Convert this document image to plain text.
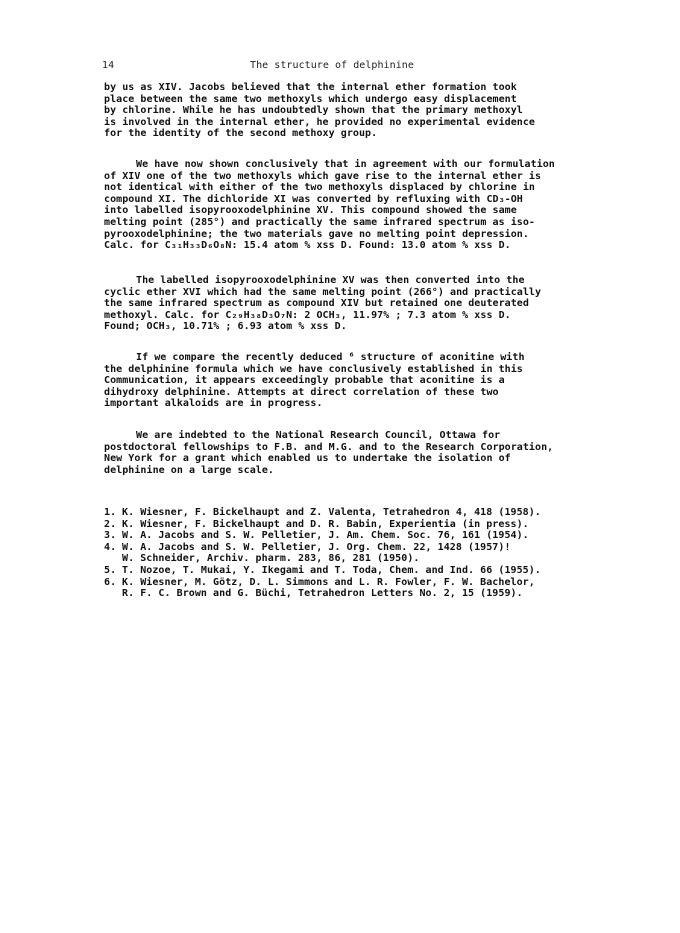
14	The structure of delphinine
by us as XIV. Jacobs believed that the internal ether formation took
place between the same two methoxyls which undergo easy displacement
by chlorine. While he has undoubtedly shown that the primary methoxyl
is involved in the internal ether, he provided no experimental evidence
for the identity of the second methoxy group.
We have now shown conclusively that in agreement with our formulation
of XIV one of the two methoxyls which gave rise to the internal ether is
not identical with either of the two methoxyls displaced by chlorine in
compound XI. The dichloride XI was converted by refluxing with CD₃-OH
into labelled isopyrooxodelphinine XV. This compound showed the same
melting point (285°) and practically the same infrared spectrum as iso-
pyrooxodelphinine; the two materials gave no melting point depression.
Calc. for C₃₁H₃₃D₆O₈N: 15.4 atom % xss D. Found: 13.0 atom % xss D.
The labelled isopyrooxodelphinine XV was then converted into the
cyclic ether XVI which had the same melting point (266°) and practically
the same infrared spectrum as compound XIV but retained one deuterated
methoxyl. Calc. for C₂₉H₃₈D₃O₇N: 2 OCH₃, 11.97% ; 7.3 atom % xss D.
Found; OCH₃, 10.71% ; 6.93 atom % xss D.
If we compare the recently deduced ⁶ structure of aconitine with
the delphinine formula which we have conclusively established in this
Communication, it appears exceedingly probable that aconitine is a
dihydroxy delphinine. Attempts at direct correlation of these two
important alkaloids are in progress.
We are indebted to the National Research Council, Ottawa for
postdoctoral fellowships to F.B. and M.G. and to the Research Corporation,
New York for a grant which enabled us to undertake the isolation of
delphinine on a large scale.
1. K. Wiesner, F. Bickelhaupt and Z. Valenta, Tetrahedron 4, 418 (1958).
2. K. Wiesner, F. Bickelhaupt and D. R. Babin, Experientia (in press).
3. W. A. Jacobs and S. W. Pelletier, J. Am. Chem. Soc. 76, 161 (1954).
4. W. A. Jacobs and S. W. Pelletier, J. Org. Chem. 22, 1428 (1957)!
W. Schneider, Archiv. pharm. 283, 86, 281 (1950).
5. T. Nozoe, T. Mukai, Y. Ikegami and T. Toda, Chem. and Ind. 66 (1955).
6. K. Wiesner, M. Götz, D. L. Simmons and L. R. Fowler, F. W. Bachelor,
R. F. C. Brown and G. Büchi, Tetrahedron Letters No. 2, 15 (1959).
